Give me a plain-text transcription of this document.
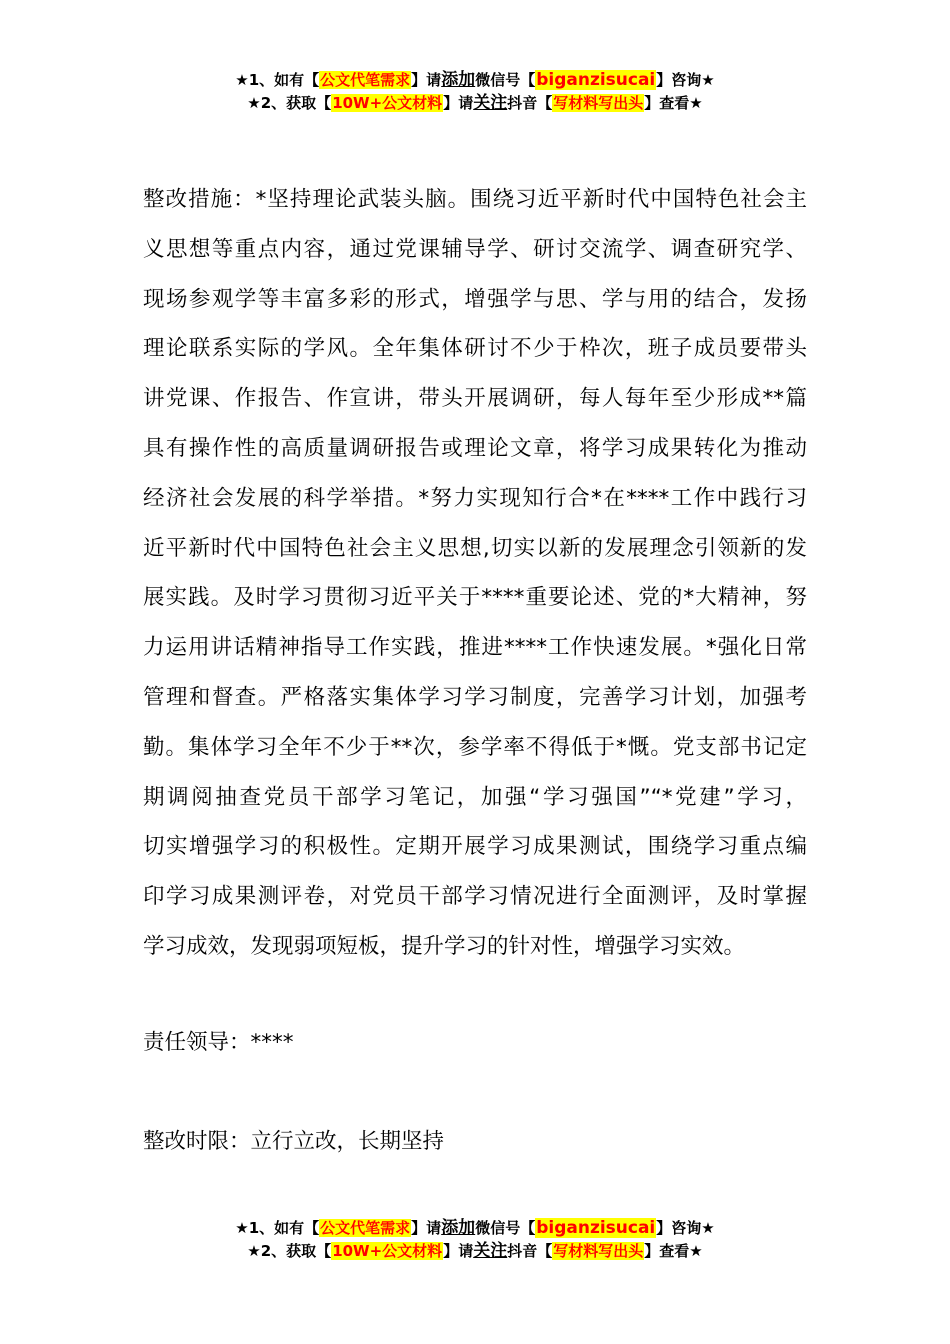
★1、如有【公文代笔需求】请添加微信号【biganzisucai】咨询★
★2、获取【10W+公文材料】请关注抖音【写材料写出头】查看★
整改措施：*坚持理论武装头脑。围绕习近平新时代中国特色社会主
义思想等重点内容，通过党课辅导学、研讨交流学、调查研究学、
现场参观学等丰富多彩的形式，增强学与思、学与用的结合，发扬
理论联系实际的学风。全年集体研讨不少于枠次，班子成员要带头
讲党课、作报告、作宣讲，带头开展调研，每人每年至少形成**篇
具有操作性的高质量调研报告或理论文章，将学习成果转化为推动
经济社会发展的科学举措。*努力实现知行合*在****工作中践行习
近平新时代中国特色社会主义思想,切实以新的发展理念引领新的发
展实践。及时学习贯彻习近平关于****重要论述、党的*大精神，努
力运用讲话精神指导工作实践，推进****工作快速发展。*强化日常
管理和督查。严格落实集体学习学习制度，完善学习计划，加强考
勤。集体学习全年不少于**次，参学率不得低于*慨。党支部书记定
期调阅抽查党员干部学习笔记，加强“学习强国”“*党建”学习，
切实增强学习的积极性。定期开展学习成果测试，围绕学习重点编
印学习成果测评卷，对党员干部学习情况进行全面测评，及时掌握
学习成效，发现弱项短板，提升学习的针对性，增强学习实效。
责任领导：****
整改时限：立行立改，长期坚持
★1、如有【公文代笔需求】请添加微信号【biganzisucai】咨询★
★2、获取【10W+公文材料】请关注抖音【写材料写出头】查看★
